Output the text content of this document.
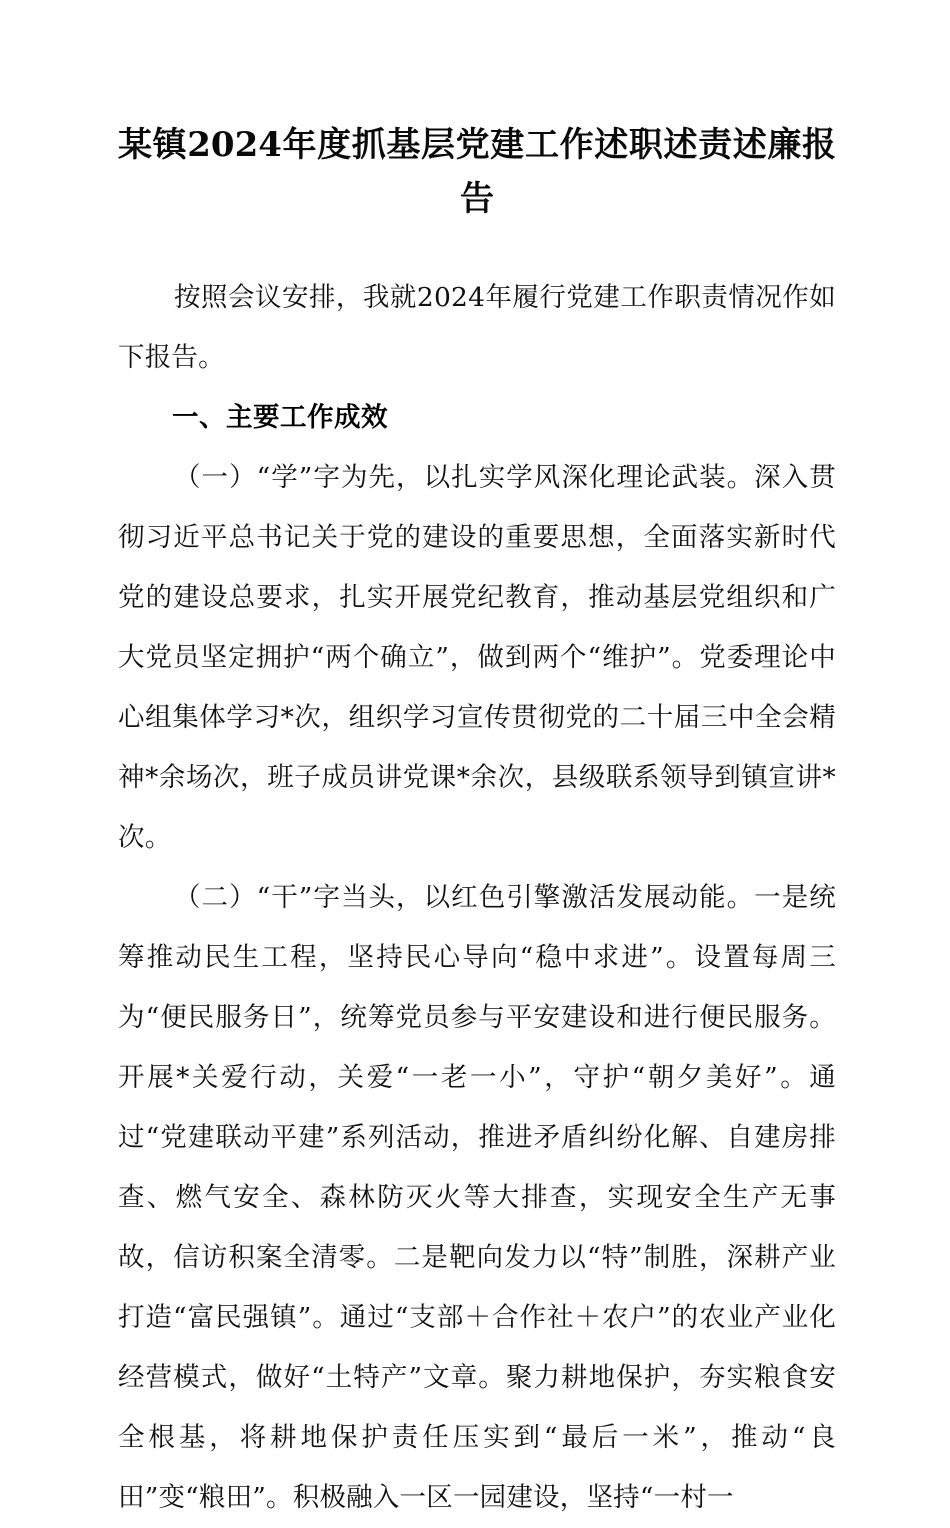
某镇2024年度抓基层党建工作述职述责述廉报告

按照会议安排，我就2024年履行党建工作职责情况作如下报告。

一、主要工作成效

（一）“学”字为先，以扎实学风深化理论武装。深入贯彻习近平总书记关于党的建设的重要思想，全面落实新时代党的建设总要求，扎实开展党纪教育，推动基层党组织和广大党员坚定拥护“两个确立”，做到两个“维护”。党委理论中心组集体学习*次，组织学习宣传贯彻党的二十届三中全会精神*余场次，班子成员讲党课*余次，县级联系领导到镇宣讲*次。

（二）“干”字当头，以红色引擎激活发展动能。一是统筹推动民生工程，坚持民心导向“稳中求进”。设置每周三为“便民服务日”，统筹党员参与平安建设和进行便民服务。开展*关爱行动，关爱“一老一小”，守护“朝夕美好”。通过“党建联动平建”系列活动，推进矛盾纠纷化解、自建房排查、燃气安全、森林防灭火等大排查，实现安全生产无事故，信访积案全清零。二是靶向发力以“特”制胜，深耕产业打造“富民强镇”。通过“支部＋合作社＋农户”的农业产业化经营模式，做好“土特产”文章。聚力耕地保护，夯实粮食安全根基，将耕地保护责任压实到“最后一米”，推动“良田”变“粮田”。积极融入一区一园建设，坚持“一村一
